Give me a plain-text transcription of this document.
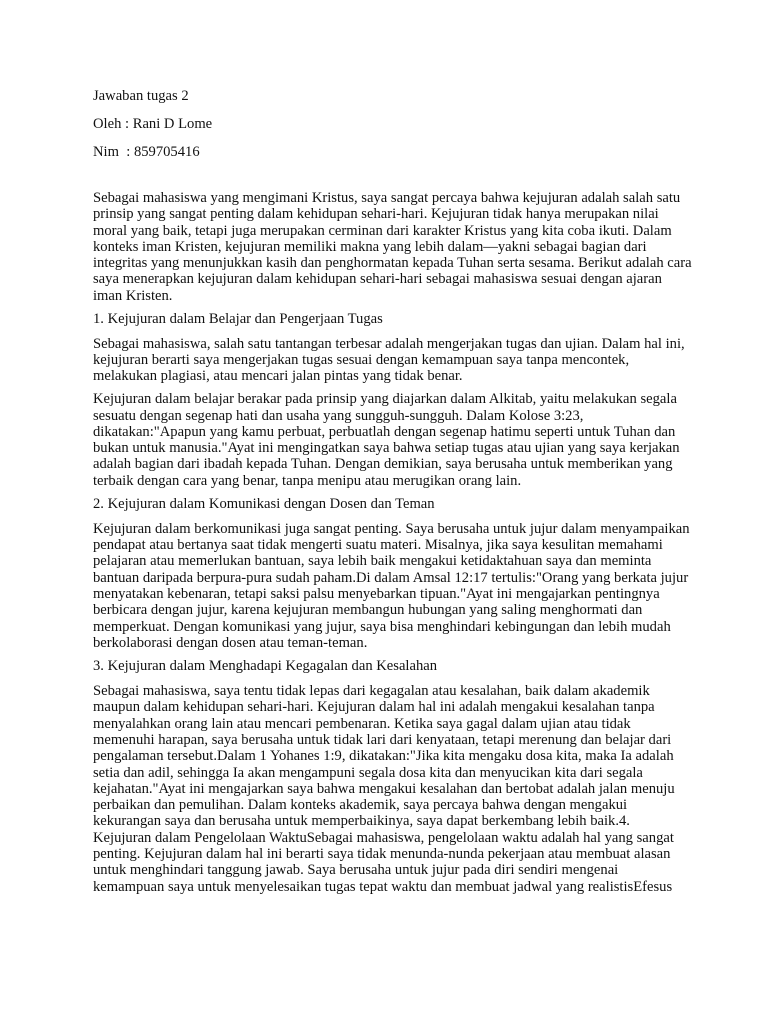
Jawaban tugas 2

Oleh : Rani D Lome

Nim  : 859705416

Sebagai mahasiswa yang mengimani Kristus, saya sangat percaya bahwa kejujuran adalah salah satu
prinsip yang sangat penting dalam kehidupan sehari-hari. Kejujuran tidak hanya merupakan nilai
moral yang baik, tetapi juga merupakan cerminan dari karakter Kristus yang kita coba ikuti. Dalam
konteks iman Kristen, kejujuran memiliki makna yang lebih dalam—yakni sebagai bagian dari
integritas yang menunjukkan kasih dan penghormatan kepada Tuhan serta sesama. Berikut adalah cara
saya menerapkan kejujuran dalam kehidupan sehari-hari sebagai mahasiswa sesuai dengan ajaran
iman Kristen.
1. Kejujuran dalam Belajar dan Pengerjaan Tugas
Sebagai mahasiswa, salah satu tantangan terbesar adalah mengerjakan tugas dan ujian. Dalam hal ini,
kejujuran berarti saya mengerjakan tugas sesuai dengan kemampuan saya tanpa mencontek,
melakukan plagiasi, atau mencari jalan pintas yang tidak benar.
Kejujuran dalam belajar berakar pada prinsip yang diajarkan dalam Alkitab, yaitu melakukan segala
sesuatu dengan segenap hati dan usaha yang sungguh-sungguh. Dalam Kolose 3:23,
dikatakan:"Apapun yang kamu perbuat, perbuatlah dengan segenap hatimu seperti untuk Tuhan dan
bukan untuk manusia."Ayat ini mengingatkan saya bahwa setiap tugas atau ujian yang saya kerjakan
adalah bagian dari ibadah kepada Tuhan. Dengan demikian, saya berusaha untuk memberikan yang
terbaik dengan cara yang benar, tanpa menipu atau merugikan orang lain.
2. Kejujuran dalam Komunikasi dengan Dosen dan Teman
Kejujuran dalam berkomunikasi juga sangat penting. Saya berusaha untuk jujur dalam menyampaikan
pendapat atau bertanya saat tidak mengerti suatu materi. Misalnya, jika saya kesulitan memahami
pelajaran atau memerlukan bantuan, saya lebih baik mengakui ketidaktahuan saya dan meminta
bantuan daripada berpura-pura sudah paham.Di dalam Amsal 12:17 tertulis:"Orang yang berkata jujur
menyatakan kebenaran, tetapi saksi palsu menyebarkan tipuan."Ayat ini mengajarkan pentingnya
berbicara dengan jujur, karena kejujuran membangun hubungan yang saling menghormati dan
memperkuat. Dengan komunikasi yang jujur, saya bisa menghindari kebingungan dan lebih mudah
berkolaborasi dengan dosen atau teman-teman.
3. Kejujuran dalam Menghadapi Kegagalan dan Kesalahan
Sebagai mahasiswa, saya tentu tidak lepas dari kegagalan atau kesalahan, baik dalam akademik
maupun dalam kehidupan sehari-hari. Kejujuran dalam hal ini adalah mengakui kesalahan tanpa
menyalahkan orang lain atau mencari pembenaran. Ketika saya gagal dalam ujian atau tidak
memenuhi harapan, saya berusaha untuk tidak lari dari kenyataan, tetapi merenung dan belajar dari
pengalaman tersebut.Dalam 1 Yohanes 1:9, dikatakan:"Jika kita mengaku dosa kita, maka Ia adalah
setia dan adil, sehingga Ia akan mengampuni segala dosa kita dan menyucikan kita dari segala
kejahatan."Ayat ini mengajarkan saya bahwa mengakui kesalahan dan bertobat adalah jalan menuju
perbaikan dan pemulihan. Dalam konteks akademik, saya percaya bahwa dengan mengakui
kekurangan saya dan berusaha untuk memperbaikinya, saya dapat berkembang lebih baik.4.
Kejujuran dalam Pengelolaan WaktuSebagai mahasiswa, pengelolaan waktu adalah hal yang sangat
penting. Kejujuran dalam hal ini berarti saya tidak menunda-nunda pekerjaan atau membuat alasan
untuk menghindari tanggung jawab. Saya berusaha untuk jujur pada diri sendiri mengenai
kemampuan saya untuk menyelesaikan tugas tepat waktu dan membuat jadwal yang realistisEfesus
